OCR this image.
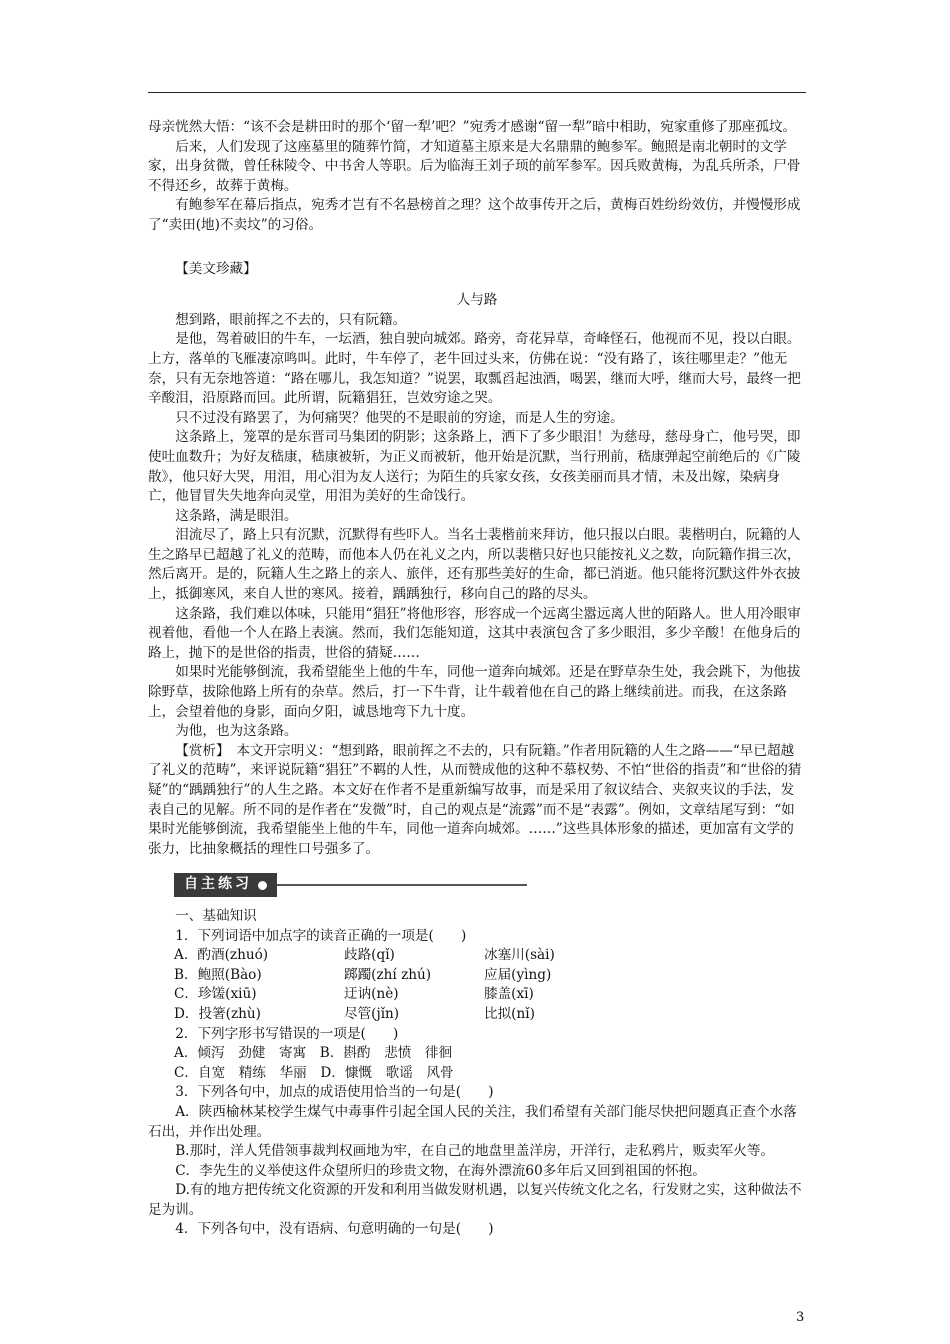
母亲恍然大悟：“该不会是耕田时的那个‘留一犁’吧？”宛秀才感谢“留一犁”暗中相助，宛家重修了那座孤坟。

后来，人们发现了这座墓里的随葬竹简，才知道墓主原来是大名鼎鼎的鲍参军。鲍照是南北朝时的文学家，出身贫微，曾任秣陵令、中书舍人等职。后为临海王刘子顼的前军参军。因兵败黄梅，为乱兵所杀，尸骨不得还乡，故葬于黄梅。

有鲍参军在幕后指点，宛秀才岂有不名悬榜首之理？这个故事传开之后，黄梅百姓纷纷效仿，并慢慢形成了“卖田(地)不卖坟”的习俗。

【美文珍藏】

人与路

想到路，眼前挥之不去的，只有阮籍。

是他，驾着破旧的牛车，一坛酒，独自驶向城郊。路旁，奇花异草，奇峰怪石，他视而不见，投以白眼。上方，落单的飞雁凄凉鸣叫。此时，牛车停了，老牛回过头来，仿佛在说：“没有路了，该往哪里走？”他无奈，只有无奈地答道：“路在哪儿，我怎知道？”说罢，取瓢舀起浊酒，喝罢，继而大呼，继而大号，最终一把辛酸泪，沿原路而回。此所谓，阮籍猖狂，岂效穷途之哭。

只不过没有路罢了，为何痛哭？他哭的不是眼前的穷途，而是人生的穷途。

这条路上，笼罩的是东晋司马集团的阴影；这条路上，洒下了多少眼泪！为慈母，慈母身亡，他号哭，即使吐血数升；为好友嵇康，嵇康被斩，为正义而被斩，他开始是沉默，当行刑前，嵇康弹起空前绝后的《广陵散》，他只好大哭，用泪，用心泪为友人送行；为陌生的兵家女孩，女孩美丽而具才情，未及出嫁，染病身亡，他冒冒失失地奔向灵堂，用泪为美好的生命饯行。

这条路，满是眼泪。

泪流尽了，路上只有沉默，沉默得有些吓人。当名士裴楷前来拜访，他只报以白眼。裴楷明白，阮籍的人生之路早已超越了礼义的范畴，而他本人仍在礼义之内，所以裴楷只好也只能按礼义之数，向阮籍作揖三次，然后离开。是的，阮籍人生之路上的亲人、旅伴，还有那些美好的生命，都已消逝。他只能将沉默这件外衣披上，抵御寒风，来自人世的寒风。接着，踽踽独行，移向自己的路的尽头。

这条路，我们难以体味，只能用“猖狂”将他形容，形容成一个远离尘嚣远离人世的陌路人。世人用冷眼审视着他，看他一个人在路上表演。然而，我们怎能知道，这其中表演包含了多少眼泪，多少辛酸！在他身后的路上，抛下的是世俗的指责，世俗的猜疑……

如果时光能够倒流，我希望能坐上他的牛车，同他一道奔向城郊。还是在野草杂生处，我会跳下，为他拔除野草，拔除他路上所有的杂草。然后，打一下牛背，让牛载着他在自己的路上继续前进。而我，在这条路上，会望着他的身影，面向夕阳，诚恳地弯下九十度。

为他，也为这条路。

【赏析】　本文开宗明义：“想到路，眼前挥之不去的，只有阮籍。”作者用阮籍的人生之路——“早已超越了礼义的范畴”，来评说阮籍“猖狂”不羁的人性，从而赞成他的这种不慕权势、不怕“世俗的指责”和“世俗的猜疑”的“踽踽独行”的人生之路。本文好在作者不是重新编写故事，而是采用了叙议结合、夹叙夹议的手法，发表自己的见解。所不同的是作者在“发微”时，自己的观点是“流露”而不是“表露”。例如，文章结尾写到：“如果时光能够倒流，我希望能坐上他的牛车，同他一道奔向城郊。……”这些具体形象的描述，更加富有文学的张力，比抽象概括的理性口号强多了。

自主练习

一、基础知识

1．下列词语中加点字的读音正确的一项是(　　)

A．酌酒(zhuó)	歧路(qǐ)	冰塞川(sài)
B．鲍照(Bào)	踯躅(zhí zhú)	应届(yìng)
C．珍馐(xiū)	迂讷(nè)	膝盖(xī)
D．投箸(zhù)	尽管(jǐn)	比拟(nǐ)

2．下列字形书写错误的一项是(　　)

A．倾泻　劲健　寄寓　B．斟酌　悲愤　徘徊
C．自宽　精练　华丽　D．慷慨　歌谣　风骨

3．下列各句中，加点的成语使用恰当的一句是(　　)

A．陕西榆林某校学生煤气中毒事件引起全国人民的关注，我们希望有关部门能尽快把问题真正查个水落石出，并作出处理。

B.那时，洋人凭借领事裁判权画地为牢，在自己的地盘里盖洋房，开洋行，走私鸦片，贩卖军火等。

C．李先生的义举使这件众望所归的珍贵文物，在海外漂流60多年后又回到祖国的怀抱。

D.有的地方把传统文化资源的开发和利用当做发财机遇，以复兴传统文化之名，行发财之实，这种做法不足为训。

4．下列各句中，没有语病、句意明确的一句是(　　)

3
